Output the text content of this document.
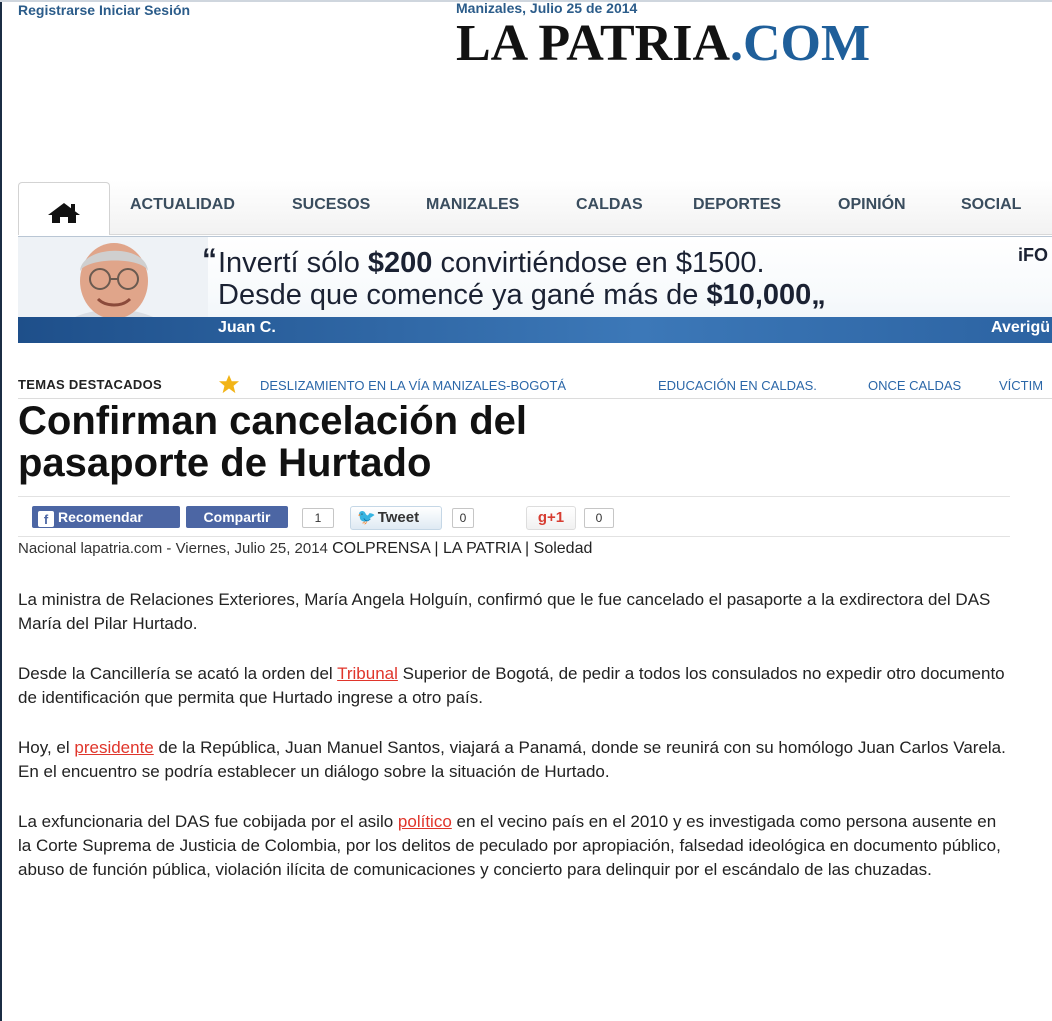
Registrarse Iniciar Sesión	Manizales, Julio 25 de 2014
LA PATRIA.COM
ACTUALIDAD	SUCESOS	MANIZALES	CALDAS	DEPORTES	OPINIÓN	SOCIAL
“ Invertí sólo $200 convirtiéndose en $1500.
Desde que comencé ya gané más de $10,000„
Juan C.
iFO
Averigü
TEMAS DESTACADOS	DESLIZAMIENTO EN LA VÍA MANIZALES-BOGOTÁ	EDUCACIÓN EN CALDAS.	ONCE CALDAS	VÍCTIM
Confirman cancelación del
pasaporte de Hurtado
f Recomendar	Compartir	1	🐦 Tweet	0	g+1	0
Nacional lapatria.com - Viernes, Julio 25, 2014 COLPRENSA | LA PATRIA | Soledad

La ministra de Relaciones Exteriores, María Angela Holguín, confirmó que le fue cancelado el pasaporte a la exdirectora del DAS María del Pilar Hurtado.

Desde la Cancillería se acató la orden del Tribunal Superior de Bogotá, de pedir a todos los consulados no expedir otro documento de identificación que permita que Hurtado ingrese a otro país.

Hoy, el presidente de la República, Juan Manuel Santos, viajará a Panamá, donde se reunirá con su homólogo Juan Carlos Varela. En el encuentro se podría establecer un diálogo sobre la situación de Hurtado.

La exfuncionaria del DAS fue cobijada por el asilo político en el vecino país en el 2010 y es investigada como persona ausente en la Corte Suprema de Justicia de Colombia, por los delitos de peculado por apropiación, falsedad ideológica en documento público, abuso de función pública, violación ilícita de comunicaciones y concierto para delinquir por el escándalo de las chuzadas.
